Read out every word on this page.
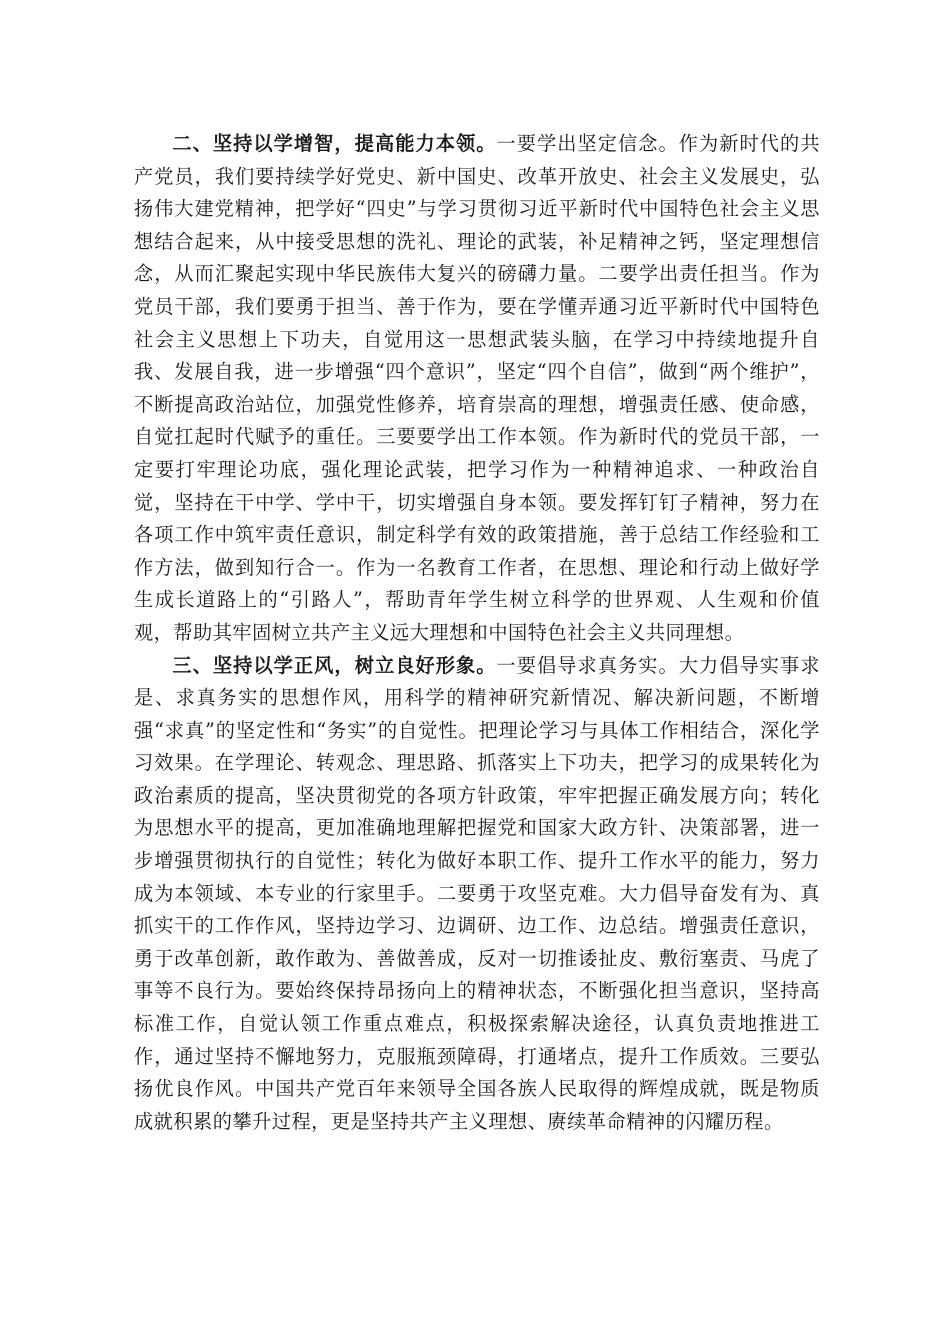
二、坚持以学增智，提高能力本领。一要学出坚定信念。作为新时代的共产党员，我们要持续学好党史、新中国史、改革开放史、社会主义发展史，弘扬伟大建党精神，把学好“四史”与学习贯彻习近平新时代中国特色社会主义思想结合起来，从中接受思想的洗礼、理论的武装，补足精神之钙，坚定理想信念，从而汇聚起实现中华民族伟大复兴的磅礴力量。二要学出责任担当。作为党员干部，我们要勇于担当、善于作为，要在学懂弄通习近平新时代中国特色社会主义思想上下功夫，自觉用这一思想武装头脑，在学习中持续地提升自我、发展自我，进一步增强“四个意识”，坚定“四个自信”，做到“两个维护”，不断提高政治站位，加强党性修养，培育崇高的理想，增强责任感、使命感，自觉扛起时代赋予的重任。三要要学出工作本领。作为新时代的党员干部，一定要打牢理论功底，强化理论武装，把学习作为一种精神追求、一种政治自觉，坚持在干中学、学中干，切实增强自身本领。要发挥钉钉子精神，努力在各项工作中筑牢责任意识，制定科学有效的政策措施，善于总结工作经验和工作方法，做到知行合一。作为一名教育工作者，在思想、理论和行动上做好学生成长道路上的“引路人”，帮助青年学生树立科学的世界观、人生观和价值观，帮助其牢固树立共产主义远大理想和中国特色社会主义共同理想。

三、坚持以学正风，树立良好形象。一要倡导求真务实。大力倡导实事求是、求真务实的思想作风，用科学的精神研究新情况、解决新问题，不断增强“求真”的坚定性和“务实”的自觉性。把理论学习与具体工作相结合，深化学习效果。在学理论、转观念、理思路、抓落实上下功夫，把学习的成果转化为政治素质的提高，坚决贯彻党的各项方针政策，牢牢把握正确发展方向；转化为思想水平的提高，更加准确地理解把握党和国家大政方针、决策部署，进一步增强贯彻执行的自觉性；转化为做好本职工作、提升工作水平的能力，努力成为本领域、本专业的行家里手。二要勇于攻坚克难。大力倡导奋发有为、真抓实干的工作作风，坚持边学习、边调研、边工作、边总结。增强责任意识，勇于改革创新，敢作敢为、善做善成，反对一切推诿扯皮、敷衍塞责、马虎了事等不良行为。要始终保持昂扬向上的精神状态，不断强化担当意识，坚持高标准工作，自觉认领工作重点难点，积极探索解决途径，认真负责地推进工作，通过坚持不懈地努力，克服瓶颈障碍，打通堵点，提升工作质效。三要弘扬优良作风。中国共产党百年来领导全国各族人民取得的辉煌成就，既是物质成就积累的攀升过程，更是坚持共产主义理想、赓续革命精神的闪耀历程。
